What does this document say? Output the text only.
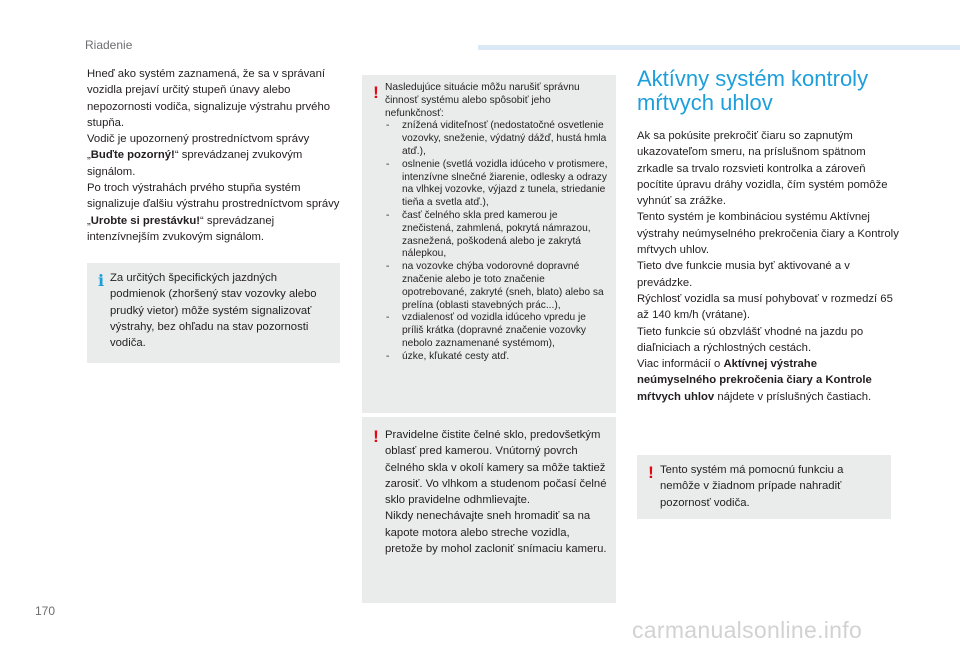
Riadenie

Hneď ako systém zaznamená, že sa v správaní vozidla prejaví určitý stupeň únavy alebo nepozornosti vodiča, signalizuje výstrahu prvého stupňa.

Vodič je upozornený prostredníctvom správy „Buďte pozorný!“ sprevádzanej zvukovým signálom.

Po troch výstrahách prvého stupňa systém signalizuje ďalšiu výstrahu prostredníctvom správy „Urobte si prestávku!“ sprevádzanej intenzívnejším zvukovým signálom.

i Za určitých špecifických jazdných podmienok (zhoršený stav vozovky alebo prudký vietor) môže systém signalizovať výstrahy, bez ohľadu na stav pozornosti vodiča.

! Nasledujúce situácie môžu narušiť správnu činnosť systému alebo spôsobiť jeho nefunkčnosť:

- znížená viditeľnosť (nedostatočné osvetlenie vozovky, sneženie, výdatný dážď, hustá hmla atď.),
- oslnenie (svetlá vozidla idúceho v protismere, intenzívne slnečné žiarenie, odlesky a odrazy na vlhkej vozovke, výjazd z tunela, striedanie tieňa a svetla atď.),
- časť čelného skla pred kamerou je znečistená, zahmlená, pokrytá námrazou, zasnežená, poškodená alebo je zakrytá nálepkou,
- na vozovke chýba vodorovné dopravné značenie alebo je toto značenie opotrebované, zakryté (sneh, blato) alebo sa prelína (oblasti stavebných prác...),
- vzdialenosť od vozidla idúceho vpredu je príliš krátka (dopravné značenie vozovky nebolo zaznamenané systémom),
- úzke, kľukaté cesty atď.
! Pravidelne čistite čelné sklo, predovšetkým oblasť pred kamerou. Vnútorný povrch čelného skla v okolí kamery sa môže taktiež zarosiť. Vo vlhkom a studenom počasí čelné sklo pravidelne odhmlievajte.

Nikdy nenechávajte sneh hromadiť sa na kapote motora alebo streche vozidla, pretože by mohol zacloniť snímaciu kameru.

Aktívny systém kontroly mŕtvych uhlov

Ak sa pokúsite prekročiť čiaru so zapnutým ukazovateľom smeru, na príslušnom spätnom zrkadle sa trvalo rozsvieti kontrolka a zároveň pocítite úpravu dráhy vozidla, čím systém pomôže vyhnúť sa zrážke.

Tento systém je kombináciou systému Aktívnej výstrahy neúmyselného prekročenia čiary a Kontroly mŕtvych uhlov.

Tieto dve funkcie musia byť aktivované a v prevádzke.

Rýchlosť vozidla sa musí pohybovať v rozmedzí 65 až 140 km/h (vrátane).

Tieto funkcie sú obzvlášť vhodné na jazdu po diaľniciach a rýchlostných cestách.

Viac informácií o Aktívnej výstrahe neúmyselného prekročenia čiary a Kontrole mŕtvych uhlov nájdete v príslušných častiach.

! Tento systém má pomocnú funkciu a nemôže v žiadnom prípade nahradiť pozornosť vodiča.

170
carmanualsonline.info
